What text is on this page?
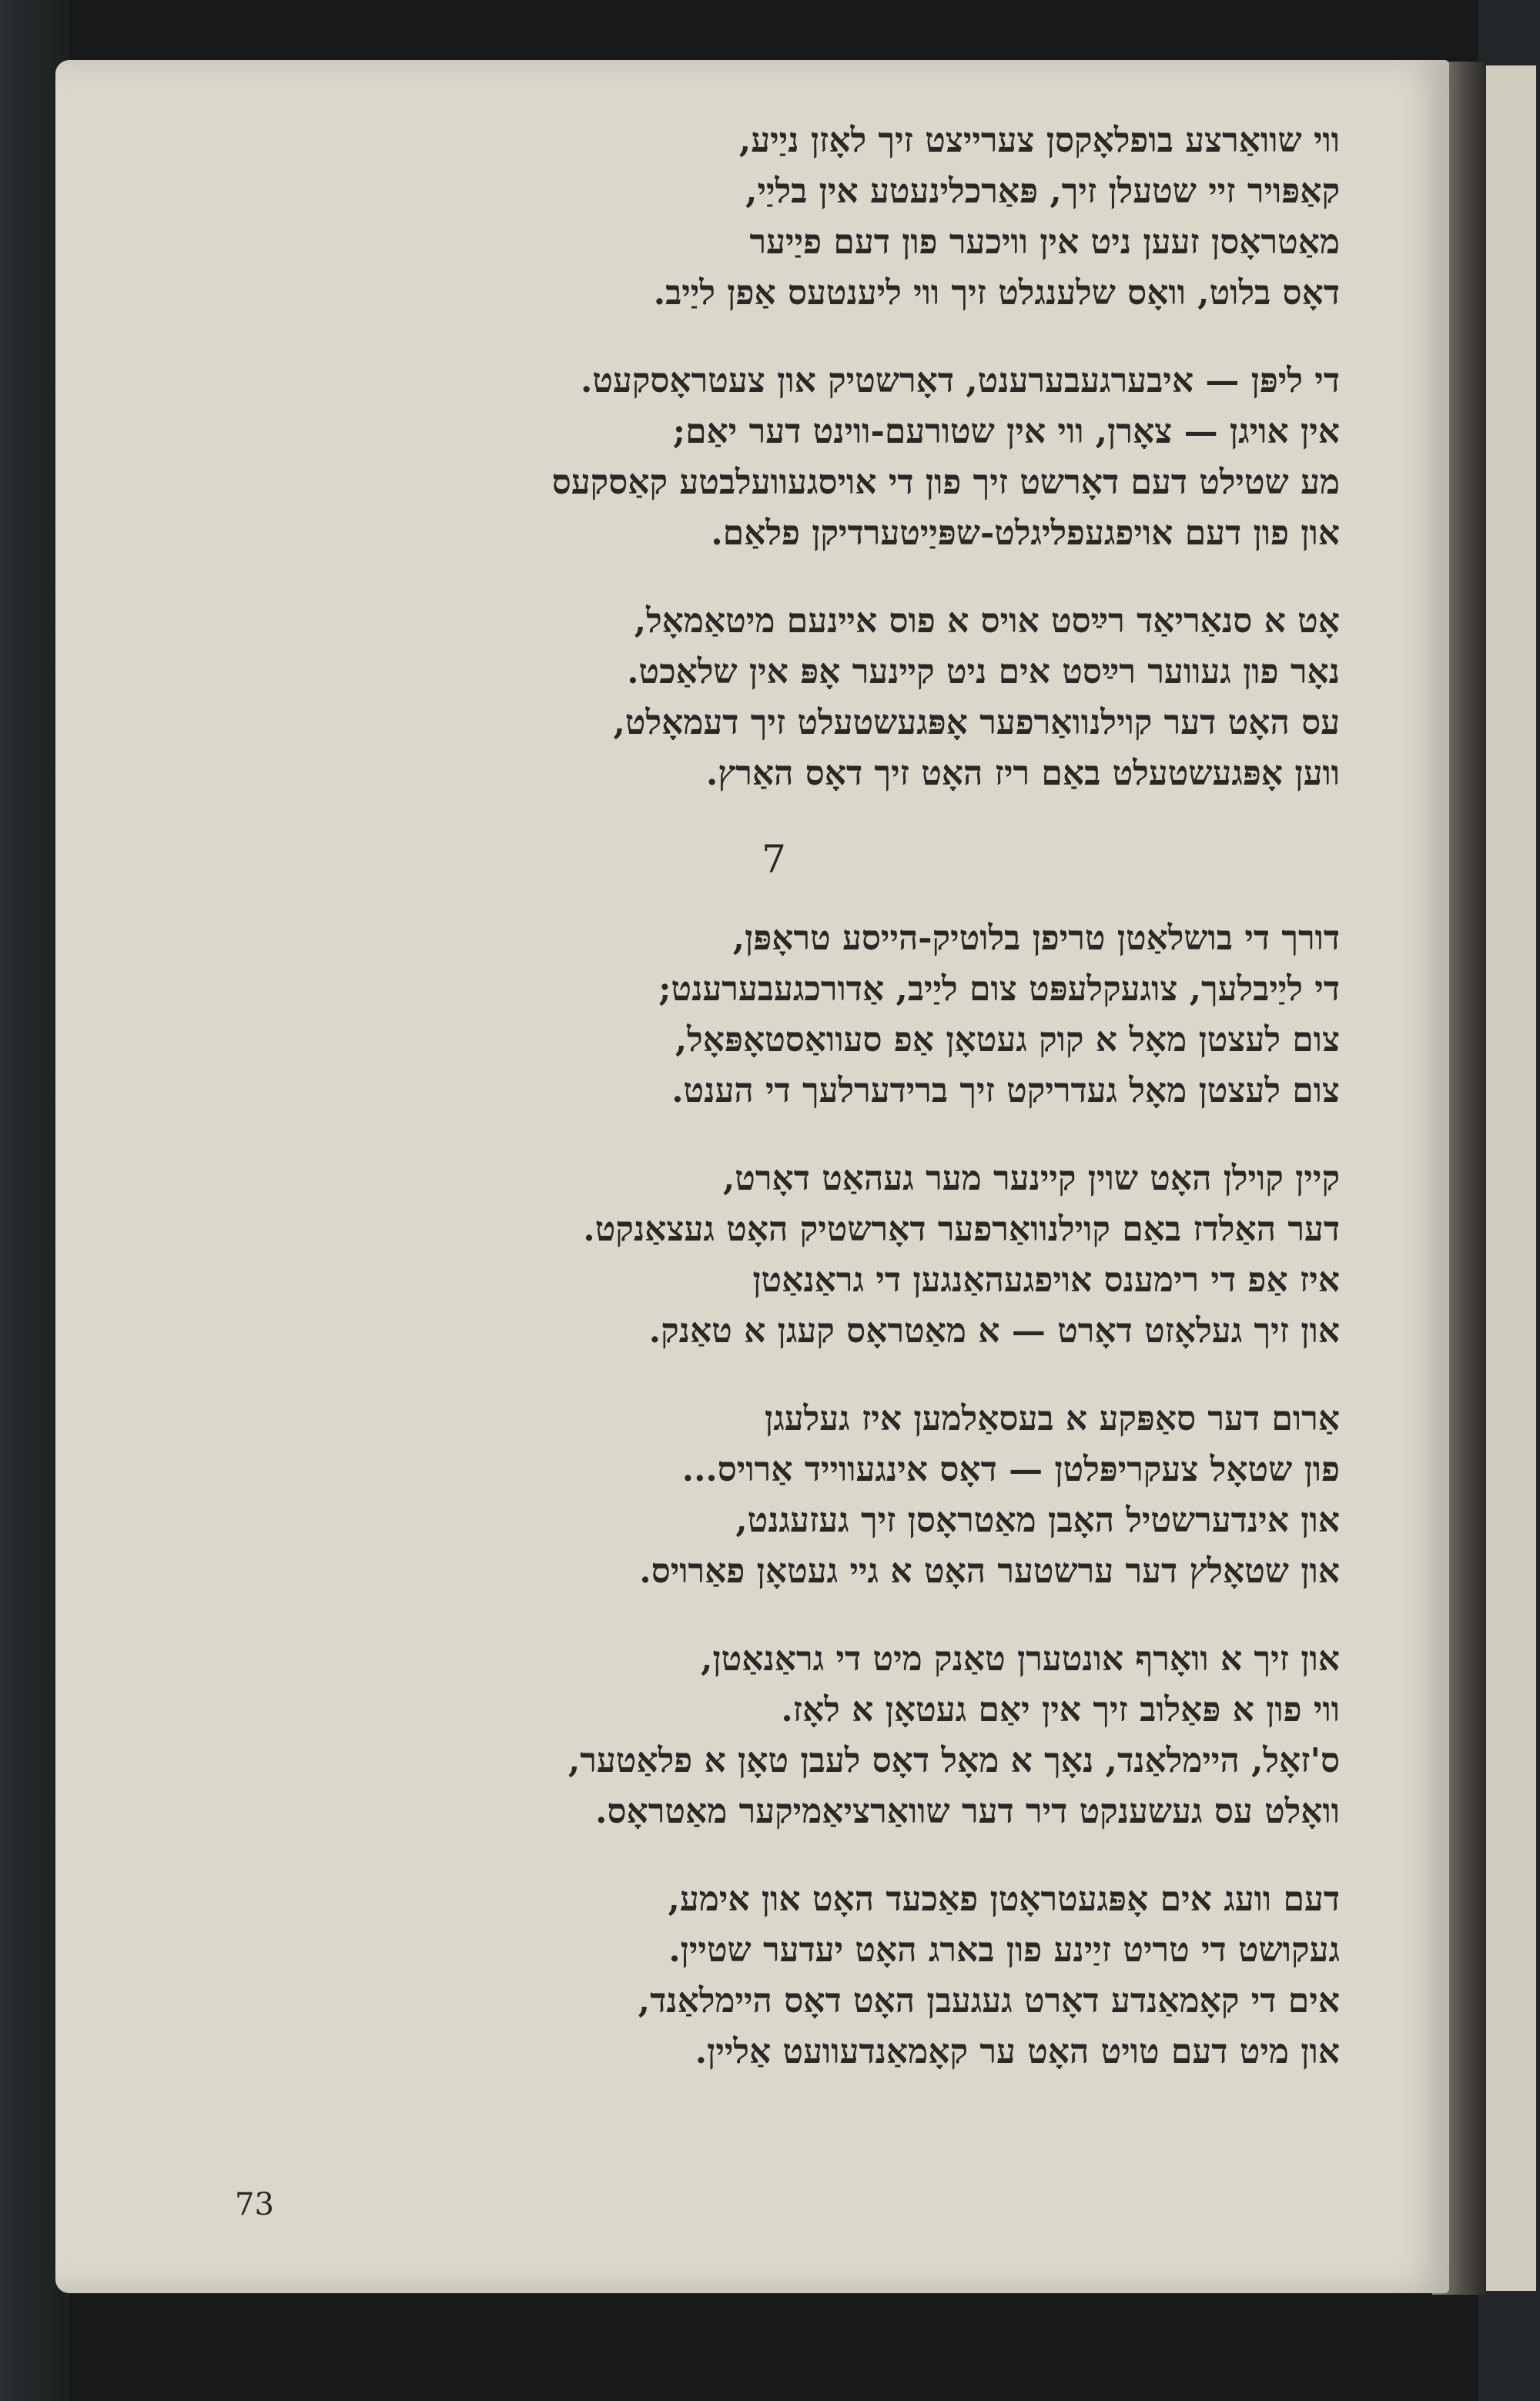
ווי שוואַרצע בופלאָקסן צערייצט זיך לאָזן ניַיע,
קאַפּויר זיי שטעלן זיך, פּאַרכלינעטע אין בליַי,
מאַטראָסן זעען ניט אין וויכער פון דעם פיַיער
דאָס בלוט, וואָס שלענגלט זיך ווי ליענטעס אַפן ליַיב.
די ליפּן — איבערגעבערענט, דאָרשטיק און צעטראָסקעט.
אין אויגן — צאָרן, ווי אין שטורעם-ווינט דער יאַם;
מע שטילט דעם דאָרשט זיך פון די אויסגעוועלבטע קאַסקעס
און פון דעם אויפגעפליגלט-שפּיַיטערדיקן פלאַם.
אָט א סנאַריאַד רײַסט אויס א פוס אײנעם מיטאַמאָל,
נאָר פון געווער רײַסט אים ניט קײנער אָפּ אין שלאַכט.
עס האָט דער קוילנוואַרפער אָפּגעשטעלט זיך דעמאָלט,
ווען אָפּגעשטעלט באַם ריז האָט זיך דאָס האַרץ.
7
דורך די בושלאַטן טריפן בלוטיק-הייסע טראָפּן,
די ליַיבלעך, צוגעקלעפּט צום ליַיב, אַדורכגעבערענט;
צום לעצטן מאָל א קוק געטאָן אַפ סעוואַסטאָפּאָל,
צום לעצטן מאָל געדריקט זיך ברידערלעך די הענט.
קיין קוילן האָט שוין קיינער מער געהאַט דאָרט,
דער האַלדז באַם קוילנוואַרפער דאָרשטיק האָט געצאַנקט.
איז אַפ די רימענס אויפגעהאַנגען די גראַנאַטן
און זיך געלאָזט דאָרט — א מאַטראָס קעגן א טאַנק.
אַרום דער סאַפּקע א בעסאַלמען איז געלעגן
פון שטאָל צעקריפּלטן — דאָס אינגעווייד אַרויס...
און אינדערשטיל האָבן מאַטראָסן זיך געזעגנט,
און שטאָלץ דער ערשטער האָט א גיי געטאָן פאַרויס.
און זיך א וואָרף אונטערן טאַנק מיט די גראַנאַטן,
ווי פון א פּאַלוב זיך אין יאַם געטאָן א לאָז.
ס'זאָל, היימלאַנד, נאָך א מאָל דאָס לעבן טאָן א פלאַטער,
וואָלט עס געשענקט דיר דער שוואַרציאַמיקער מאַטראָס.
דעם וועג אים אָפּגעטראָטן פאַכעד האָט און אימע,
געקושט די טריט זיַינע פון בארג האָט יעדער שטיין.
אים די קאָמאַנדע דאָרט געגעבן האָט דאָס היימלאַנד,
און מיט דעם טויט האָט ער קאָמאַנדעוועט אַליין.
73
